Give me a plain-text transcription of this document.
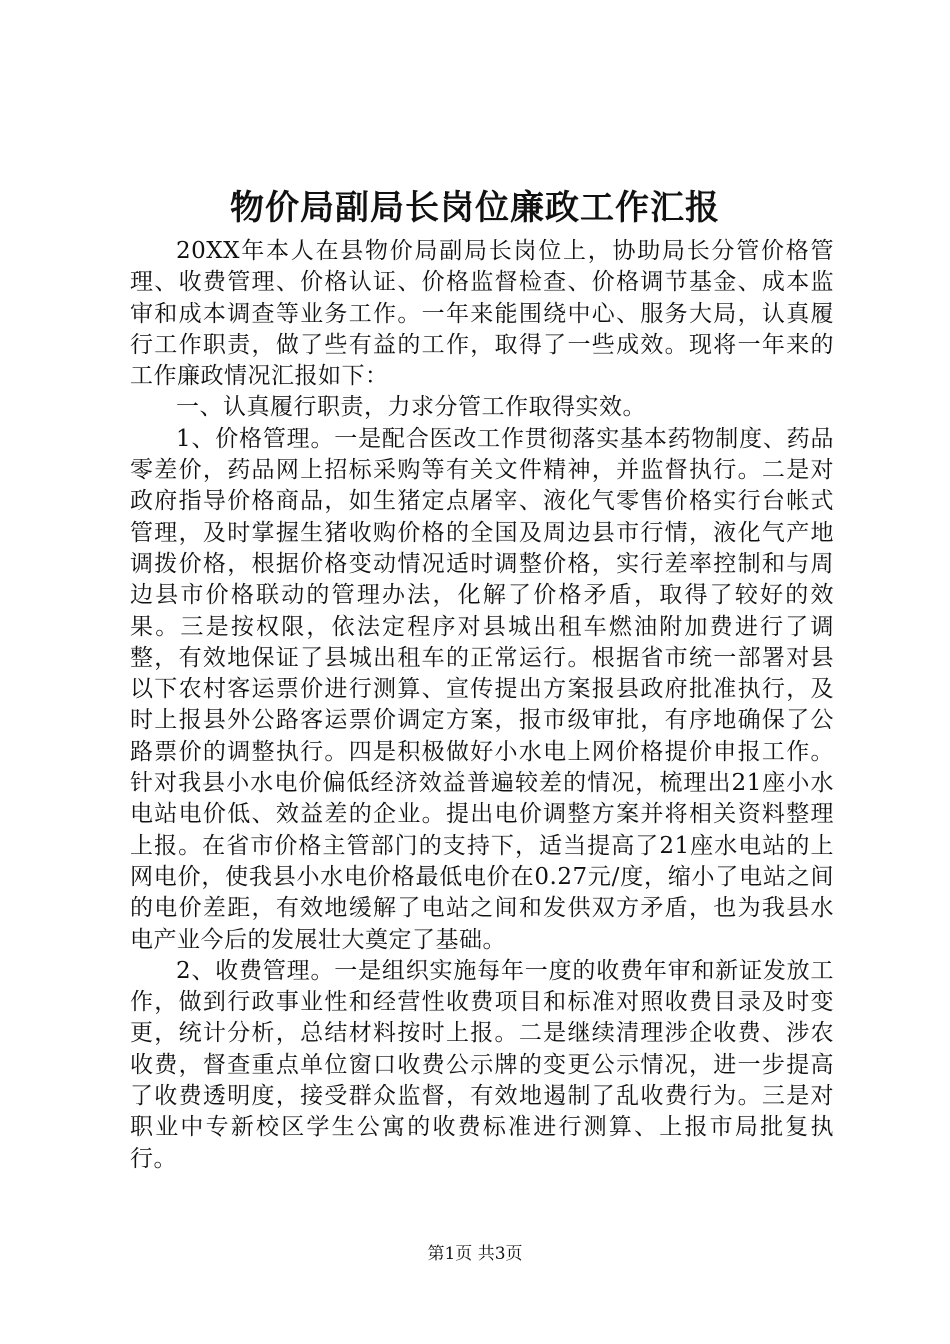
物价局副局长岗位廉政工作汇报

20XX年本人在县物价局副局长岗位上，协助局长分管价格管理、收费管理、价格认证、价格监督检查、价格调节基金、成本监审和成本调查等业务工作。一年来能围绕中心、服务大局，认真履行工作职责，做了些有益的工作，取得了一些成效。现将一年来的工作廉政情况汇报如下：

一、认真履行职责，力求分管工作取得实效。

1、价格管理。一是配合医改工作贯彻落实基本药物制度、药品零差价，药品网上招标采购等有关文件精神，并监督执行。二是对政府指导价格商品，如生猪定点屠宰、液化气零售价格实行台帐式管理，及时掌握生猪收购价格的全国及周边县市行情，液化气产地调拨价格，根据价格变动情况适时调整价格，实行差率控制和与周边县市价格联动的管理办法，化解了价格矛盾，取得了较好的效果。三是按权限，依法定程序对县城出租车燃油附加费进行了调整，有效地保证了县城出租车的正常运行。根据省市统一部署对县以下农村客运票价进行测算、宣传提出方案报县政府批准执行，及时上报县外公路客运票价调定方案，报市级审批，有序地确保了公路票价的调整执行。四是积极做好小水电上网价格提价申报工作。针对我县小水电价偏低经济效益普遍较差的情况，梳理出21座小水电站电价低、效益差的企业。提出电价调整方案并将相关资料整理上报。在省市价格主管部门的支持下，适当提高了21座水电站的上网电价，使我县小水电价格最低电价在0.27元/度，缩小了电站之间的电价差距，有效地缓解了电站之间和发供双方矛盾，也为我县水电产业今后的发展壮大奠定了基础。

2、收费管理。一是组织实施每年一度的收费年审和新证发放工作，做到行政事业性和经营性收费项目和标准对照收费目录及时变更，统计分析，总结材料按时上报。二是继续清理涉企收费、涉农收费，督查重点单位窗口收费公示牌的变更公示情况，进一步提高了收费透明度，接受群众监督，有效地遏制了乱收费行为。三是对职业中专新校区学生公寓的收费标准进行测算、上报市局批复执行。

第1页 共3页
